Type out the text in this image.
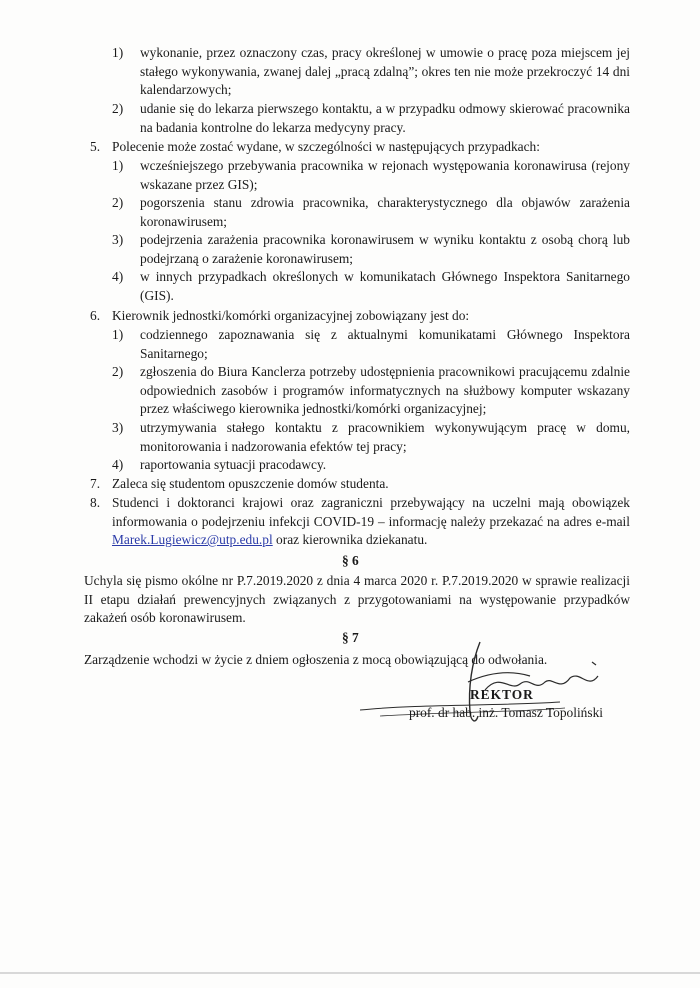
1) wykonanie, przez oznaczony czas, pracy określonej w umowie o pracę poza miejscem jej stałego wykonywania, zwanej dalej „pracą zdalną”; okres ten nie może przekroczyć 14 dni kalendarzowych;
2) udanie się do lekarza pierwszego kontaktu, a w przypadku odmowy skierować pracownika na badania kontrolne do lekarza medycyny pracy.
5. Polecenie może zostać wydane, w szczególności w następujących przypadkach:
1) wcześniejszego przebywania pracownika w rejonach występowania koronawirusa (rejony wskazane przez GIS);
2) pogorszenia stanu zdrowia pracownika, charakterystycznego dla objawów zarażenia koronawirusem;
3) podejrzenia zarażenia pracownika koronawirusem w wyniku kontaktu z osobą chorą lub podejrzaną o zarażenie koronawirusem;
4) w innych przypadkach określonych w komunikatach Głównego Inspektora Sanitarnego (GIS).
6. Kierownik jednostki/komórki organizacyjnej zobowiązany jest do:
1) codziennego zapoznawania się z aktualnymi komunikatami Głównego Inspektora Sanitarnego;
2) zgłoszenia do Biura Kanclerza potrzeby udostępnienia pracownikowi pracującemu zdalnie odpowiednich zasobów i programów informatycznych na służbowy komputer wskazany przez właściwego kierownika jednostki/komórki organizacyjnej;
3) utrzymywania stałego kontaktu z pracownikiem wykonywującym pracę w domu, monitorowania i nadzorowania efektów tej pracy;
4) raportowania sytuacji pracodawcy.
7. Zaleca się studentom opuszczenie domów studenta.
8. Studenci i doktoranci krajowi oraz zagraniczni przebywający na uczelni mają obowiązek informowania o podejrzeniu infekcji COVID-19 – informację należy przekazać na adres e-mail Marek.Lugiewicz@utp.edu.pl oraz kierownika dziekanatu.
§ 6
Uchyla się pismo okólne nr P.7.2019.2020 z dnia 4 marca 2020 r. P.7.2019.2020 w sprawie realizacji II etapu działań prewencyjnych związanych z przygotowaniami na występowanie przypadków zakażeń osób koronawirusem.
§ 7
Zarządzenie wchodzi w życie z dniem ogłoszenia z mocą obowiązującą do odwołania.
REKTOR
prof. dr hab. inż. Tomasz Topoliński
